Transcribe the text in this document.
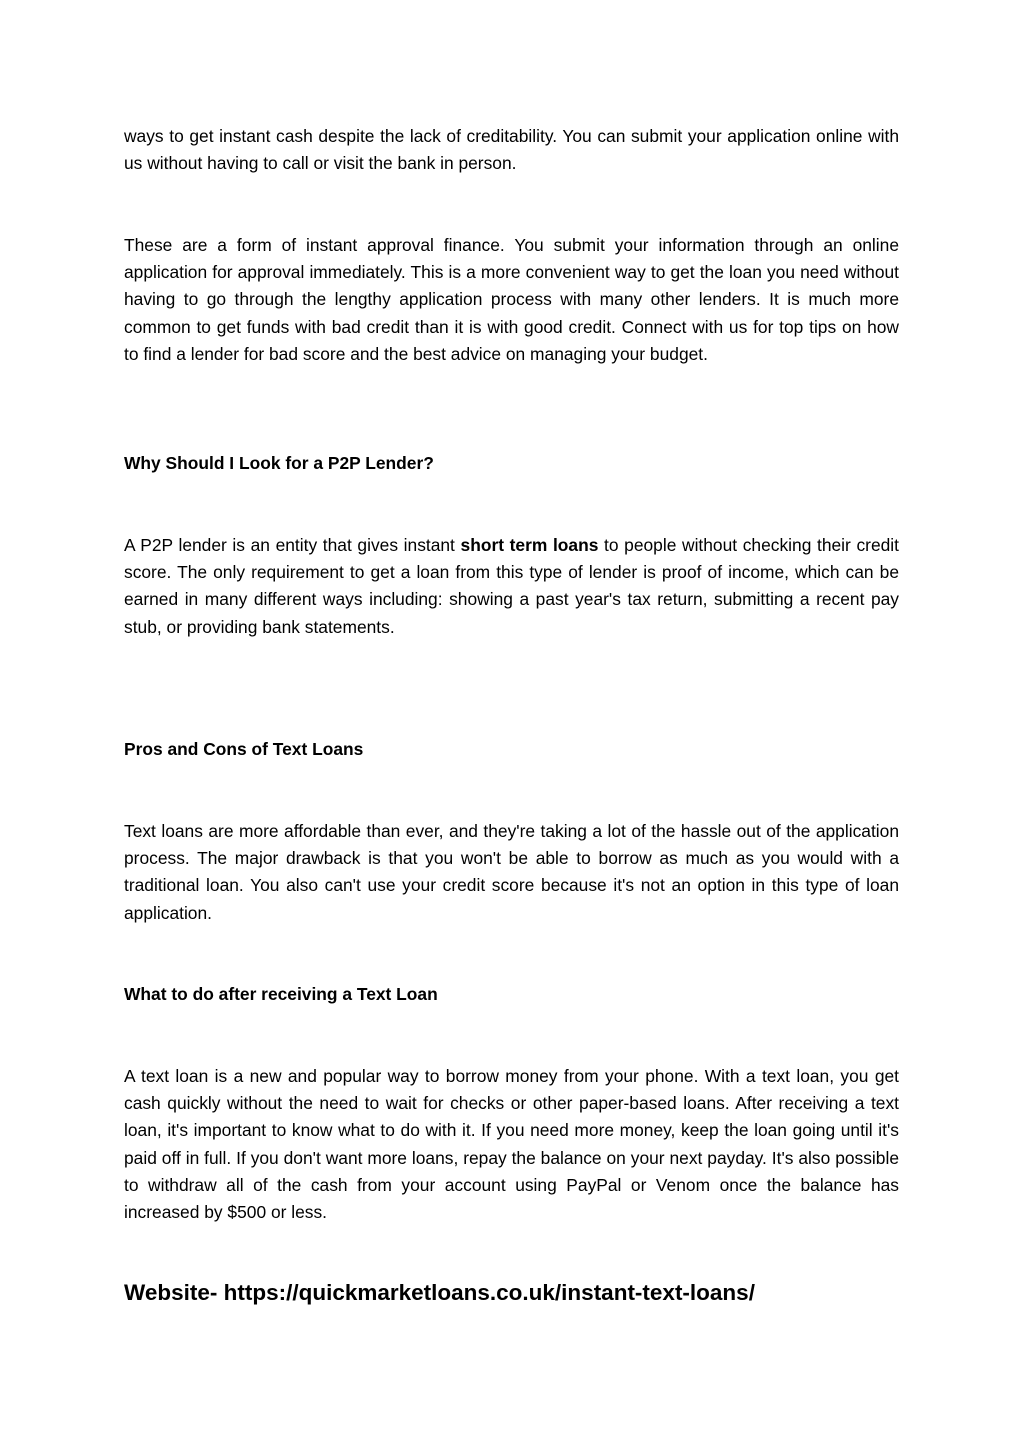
ways to get instant cash despite the lack of creditability. You can submit your application online with us without having to call or visit the bank in person.

These are a form of instant approval finance. You submit your information through an online application for approval immediately. This is a more convenient way to get the loan you need without having to go through the lengthy application process with many other lenders. It is much more common to get funds with bad credit than it is with good credit. Connect with us for top tips on how to find a lender for bad score and the best advice on managing your budget.

Why Should I Look for a P2P Lender?

A P2P lender is an entity that gives instant short term loans to people without checking their credit score. The only requirement to get a loan from this type of lender is proof of income, which can be earned in many different ways including: showing a past year's tax return, submitting a recent pay stub, or providing bank statements.

Pros and Cons of Text Loans

Text loans are more affordable than ever, and they're taking a lot of the hassle out of the application process. The major drawback is that you won't be able to borrow as much as you would with a traditional loan. You also can't use your credit score because it's not an option in this type of loan application.

What to do after receiving a Text Loan

A text loan is a new and popular way to borrow money from your phone. With a text loan, you get cash quickly without the need to wait for checks or other paper-based loans. After receiving a text loan, it's important to know what to do with it. If you need more money, keep the loan going until it's paid off in full. If you don't want more loans, repay the balance on your next payday. It's also possible to withdraw all of the cash from your account using PayPal or Venom once the balance has increased by $500 or less.

Website- https://quickmarketloans.co.uk/instant-text-loans/
